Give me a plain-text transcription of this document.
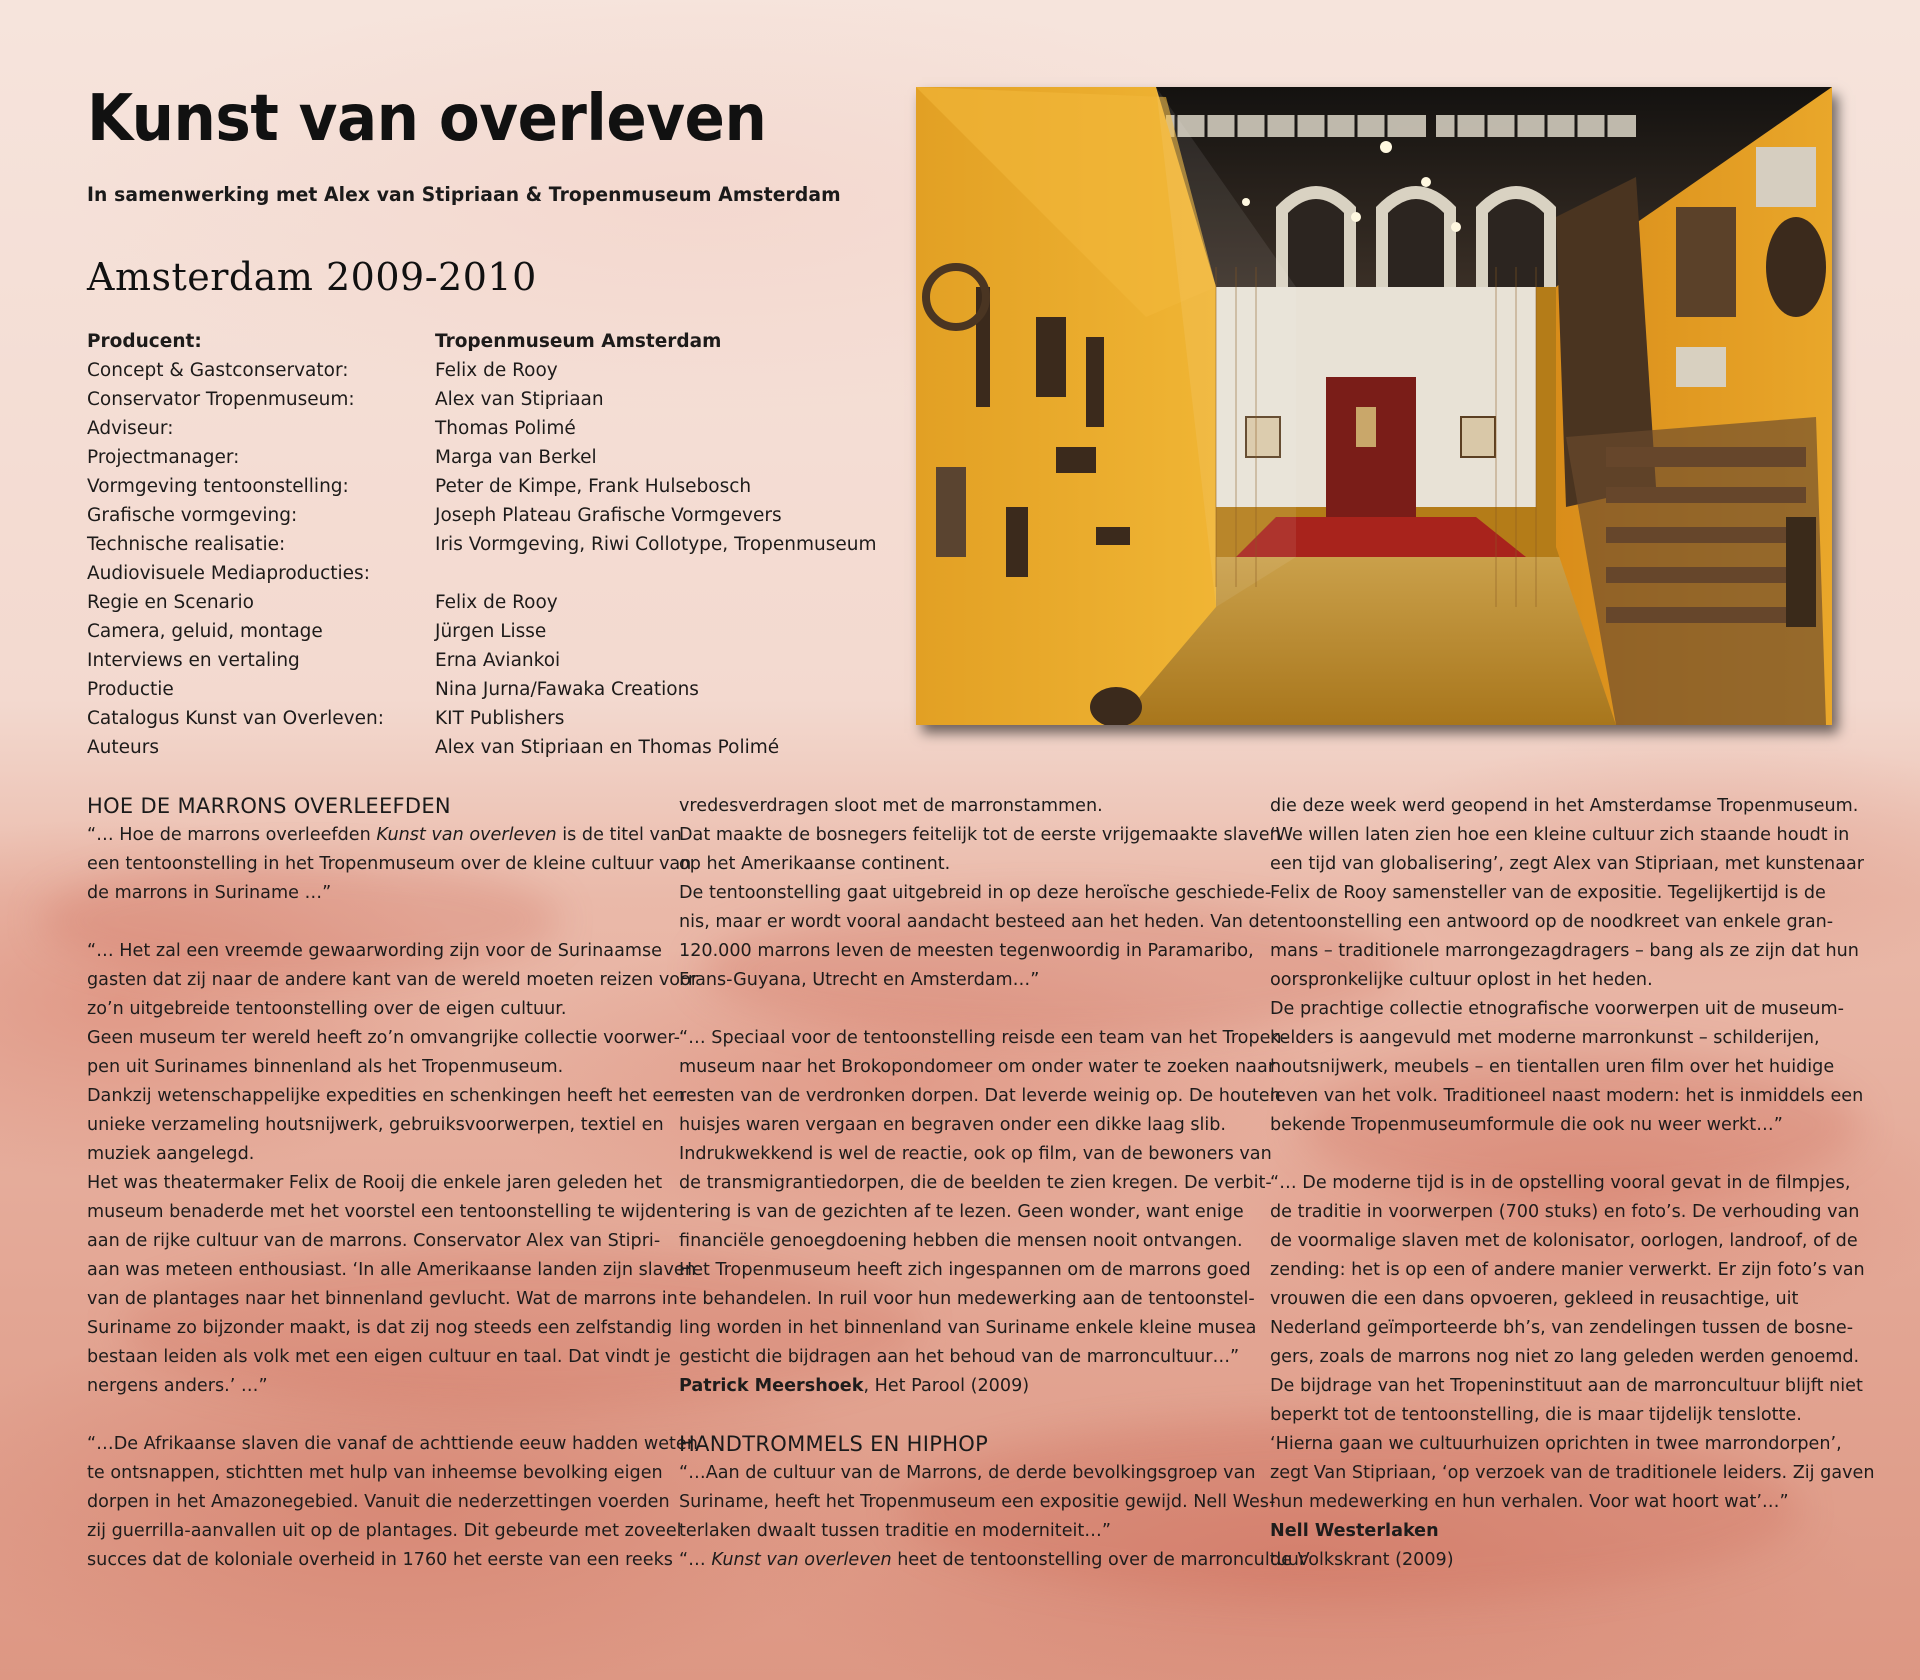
Kunst van overleven
In samenwerking met Alex van Stipriaan & Tropenmuseum Amsterdam
Amsterdam 2009-2010
Producent:	Tropenmuseum Amsterdam
Concept & Gastconservator:	Felix de Rooy
Conservator Tropenmuseum:	Alex van Stipriaan
Adviseur:	Thomas Polimé
Projectmanager:	Marga van Berkel
Vormgeving tentoonstelling:	Peter de Kimpe, Frank Hulsebosch
Grafische vormgeving:	Joseph Plateau Grafische Vormgevers
Technische realisatie:	Iris Vormgeving, Riwi Collotype, Tropenmuseum
Audiovisuele Mediaproducties:
Regie en Scenario	Felix de Rooy
Camera, geluid, montage	Jürgen Lisse
Interviews en vertaling	Erna Aviankoi
Productie	Nina Jurna/Fawaka Creations
Catalogus Kunst van Overleven:	KIT Publishers
Auteurs	Alex van Stipriaan en Thomas Polimé
HOE DE MARRONS OVERLEEFDEN

“… Hoe de marrons overleefden Kunst van overleven is de titel van

een tentoonstelling in het Tropenmuseum over de kleine cultuur van

de marrons in Suriname …”

“… Het zal een vreemde gewaarwording zijn voor de Surinaamse

gasten dat zij naar de andere kant van de wereld moeten reizen voor

zo’n uitgebreide tentoonstelling over de eigen cultuur.

Geen museum ter wereld heeft zo’n omvangrijke collectie voorwer-

pen uit Surinames binnenland als het Tropenmuseum.

Dankzij wetenschappelijke expedities en schenkingen heeft het een

unieke verzameling houtsnijwerk, gebruiksvoorwerpen, textiel en

muziek aangelegd.

Het was theatermaker Felix de Rooij die enkele jaren geleden het

museum benaderde met het voorstel een tentoonstelling te wijden

aan de rijke cultuur van de marrons. Conservator Alex van Stipri-

aan was meteen enthousiast. ‘In alle Amerikaanse landen zijn slaven

van de plantages naar het binnenland gevlucht. Wat de marrons in

Suriname zo bijzonder maakt, is dat zij nog steeds een zelfstandig

bestaan leiden als volk met een eigen cultuur en taal. Dat vindt je

nergens anders.’ …”

“…De Afrikaanse slaven die vanaf de achttiende eeuw hadden weten

te ontsnappen, stichtten met hulp van inheemse bevolking eigen

dorpen in het Amazonegebied. Vanuit die nederzettingen voerden

zij guerrilla-aanvallen uit op de plantages. Dit gebeurde met zoveel

succes dat de koloniale overheid in 1760 het eerste van een reeks

vredesverdragen sloot met de marronstammen.

Dat maakte de bosnegers feitelijk tot de eerste vrijgemaakte slaven

op het Amerikaanse continent.

De tentoonstelling gaat uitgebreid in op deze heroïsche geschiede-

nis, maar er wordt vooral aandacht besteed aan het heden. Van de

120.000 marrons leven de meesten tegenwoordig in Paramaribo,

Frans-Guyana, Utrecht en Amsterdam…”

“… Speciaal voor de tentoonstelling reisde een team van het Tropen-

museum naar het Brokopondomeer om onder water te zoeken naar

resten van de verdronken dorpen. Dat leverde weinig op. De houten

huisjes waren vergaan en begraven onder een dikke laag slib.

Indrukwekkend is wel de reactie, ook op film, van de bewoners van

de transmigrantiedorpen, die de beelden te zien kregen. De verbit-

tering is van de gezichten af te lezen. Geen wonder, want enige

financiële genoegdoening hebben die mensen nooit ontvangen.

Het Tropenmuseum heeft zich ingespannen om de marrons goed

te behandelen. In ruil voor hun medewerking aan de tentoonstel-

ling worden in het binnenland van Suriname enkele kleine musea

gesticht die bijdragen aan het behoud van de marroncultuur…”

Patrick Meershoek, Het Parool (2009)

HANDTROMMELS EN HIPHOP

“…Aan de cultuur van de Marrons, de derde bevolkingsgroep van

Suriname, heeft het Tropenmuseum een expositie gewijd. Nell Wes-

terlaken dwaalt tussen traditie en moderniteit…”

“… Kunst van overleven heet de tentoonstelling over de marroncultuur

die deze week werd geopend in het Amsterdamse Tropenmuseum.

‘We willen laten zien hoe een kleine cultuur zich staande houdt in

een tijd van globalisering’, zegt Alex van Stipriaan, met kunstenaar

Felix de Rooy samensteller van de expositie. Tegelijkertijd is de

tentoonstelling een antwoord op de noodkreet van enkele gran-

mans – traditionele marrongezagdragers – bang als ze zijn dat hun

oorspronkelijke cultuur oplost in het heden.

De prachtige collectie etnografische voorwerpen uit de museum-

kelders is aangevuld met moderne marronkunst – schilderijen,

houtsnijwerk, meubels – en tientallen uren film over het huidige

leven van het volk. Traditioneel naast modern: het is inmiddels een

bekende Tropenmuseumformule die ook nu weer werkt…”

“… De moderne tijd is in de opstelling vooral gevat in de filmpjes,

de traditie in voorwerpen (700 stuks) en foto’s. De verhouding van

de voormalige slaven met de kolonisator, oorlogen, landroof, of de

zending: het is op een of andere manier verwerkt. Er zijn foto’s van

vrouwen die een dans opvoeren, gekleed in reusachtige, uit

Nederland geïmporteerde bh’s, van zendelingen tussen de bosne-

gers, zoals de marrons nog niet zo lang geleden werden genoemd.

De bijdrage van het Tropeninstituut aan de marroncultuur blijft niet

beperkt tot de tentoonstelling, die is maar tijdelijk tenslotte.

‘Hierna gaan we cultuurhuizen oprichten in twee marrondorpen’,

zegt Van Stipriaan, ‘op verzoek van de traditionele leiders. Zij gaven

hun medewerking en hun verhalen. Voor wat hoort wat’…”

Nell Westerlaken

de Volkskrant (2009)
